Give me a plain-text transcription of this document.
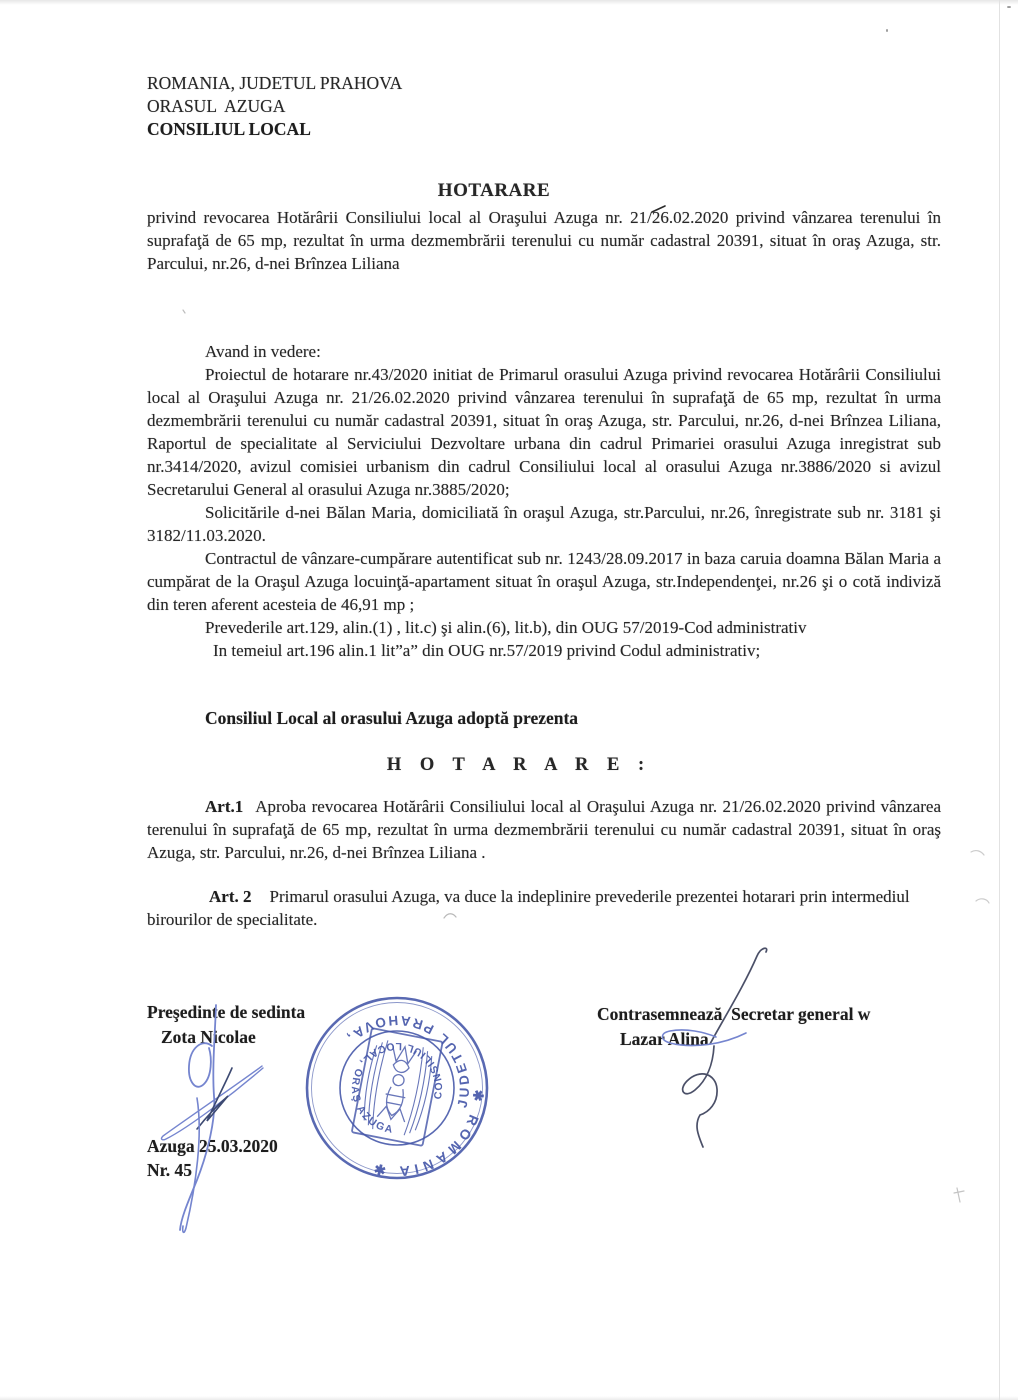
ROMANIA, JUDETUL PRAHOVA
ORASUL  AZUGA
CONSILIUL LOCAL
HOTARARE
privind revocarea Hotărârii Consiliului local al Oraşului Azuga nr. 21/26.02.2020 privind vânzarea terenului în suprafaţă de 65 mp, rezultat în urma dezmembrării terenului cu număr cadastral 20391, situat în oraş Azuga, str. Parcului, nr.26, d-nei Brînzea Liliana
Avand in vedere:
Proiectul de hotarare nr.43/2020 initiat de Primarul orasului Azuga privind revocarea Hotărârii Consiliului local al Oraşului Azuga nr. 21/26.02.2020 privind vânzarea terenului în suprafaţă de 65 mp, rezultat în urma dezmembrării terenului cu număr cadastral 20391, situat în oraş Azuga, str. Parcului, nr.26, d-nei Brînzea Liliana, Raportul de specialitate al Serviciului Dezvoltare urbana din cadrul Primariei orasului Azuga inregistrat sub nr.3414/2020, avizul comisiei urbanism din cadrul Consiliului local al orasului Azuga nr.3886/2020 si avizul Secretarului General al orasului Azuga nr.3885/2020;
Solicitările d-nei Bălan Maria, domiciliată în oraşul Azuga, str.Parcului, nr.26, înregistrate sub nr. 3181 şi 3182/11.03.2020.
Contractul de vânzare-cumpărare autentificat sub nr. 1243/28.09.2017 in baza caruia doamna Bălan Maria a cumpărat de la Oraşul Azuga locuinţă-apartament situat în oraşul Azuga, str.Independenţei, nr.26 şi o cotă indiviză din teren aferent acesteia de 46,91 mp ;
Prevederile art.129, alin.(1) , lit.c) şi alin.(6), lit.b), din OUG 57/2019-Cod administrativ
In temeiul art.196 alin.1 lit”a” din OUG nr.57/2019 privind Codul administrativ;
Consiliul Local al orasului Azuga adoptă prezenta
H O T A R A R E :
Art.1 Aproba revocarea Hotărârii Consiliului local al Oraşului Azuga nr. 21/26.02.2020 privind vânzarea terenului în suprafaţă de 65 mp, rezultat în urma dezmembrării terenului cu număr cadastral 20391, situat în oraş Azuga, str. Parcului, nr.26, d-nei Brînzea Liliana .
Art. 2 Primarul orasului Azuga, va duce la indeplinire prevederile prezentei hotarari prin intermediul birourilor de specialitate.
Preşedinte de sedinta
Zota Nicolae
Contrasemnează  Secretar general w
Lazar Alina
Azuga 25.03.2020
Nr. 45
JUDETUL PRAHOVA,
✱ ROMANIA ✱
CONSILIUL LOCAL, ORAŞ AZUGA
